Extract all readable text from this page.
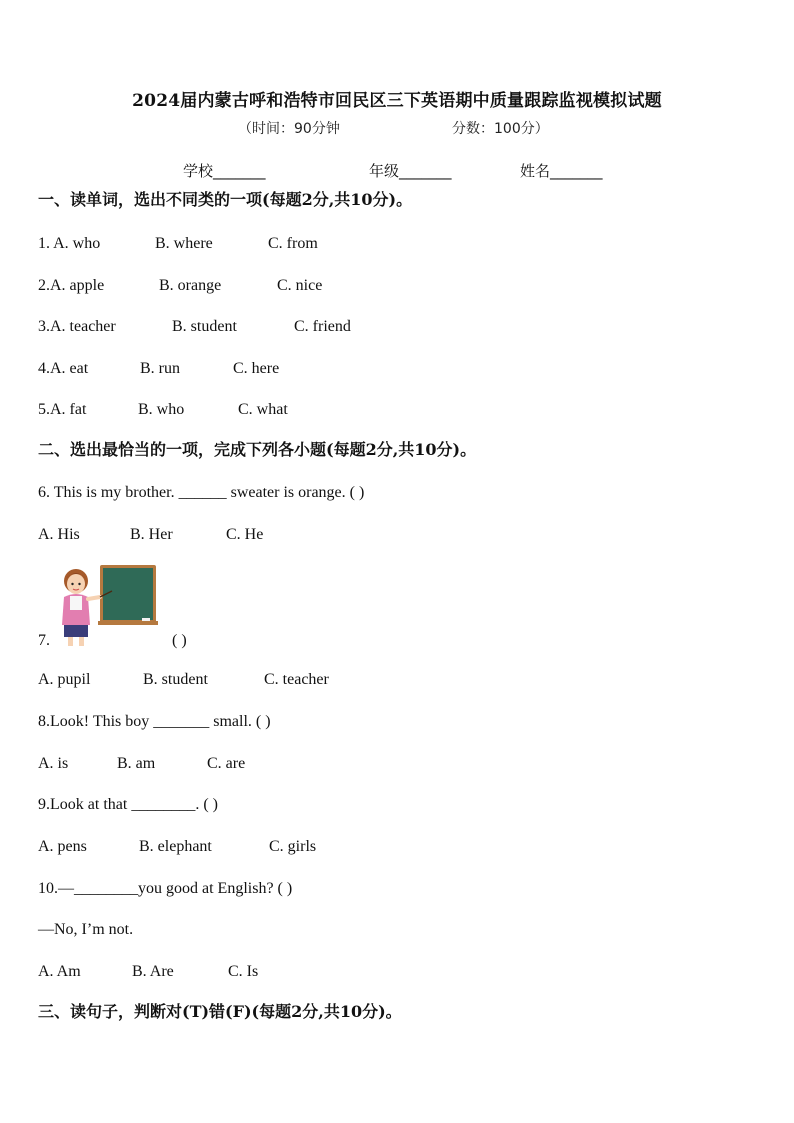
2024届内蒙古呼和浩特市回民区三下英语期中质量跟踪监视模拟试题
（时间：90分钟	分数：100分）
学校_______	年级_______	姓名_______
一、读单词，选出不同类的一项(每题2分,共10分)。
1. A. who	B. where	C. from
2.A. apple	B. orange	C. nice
3.A. teacher	B. student	C. friend
4.A. eat	B. run	C. here
5.A. fat	B. who	C. what
二、选出最恰当的一项，完成下列各小题(每题2分,共10分)。
6. This is my brother. ______ sweater is orange. ( )
A. His	B. Her	C. He
7.	( )
A. pupil	B. student	C. teacher
8.Look! This boy _______ small. ( )
A. is	B. am	C. are
9.Look at that ________. ( )
A. pens	B. elephant	C. girls
10.—________you good at English? ( )
—No, I’m not.
A. Am	B. Are	C. Is
三、读句子，判断对(T)错(F)(每题2分,共10分)。
